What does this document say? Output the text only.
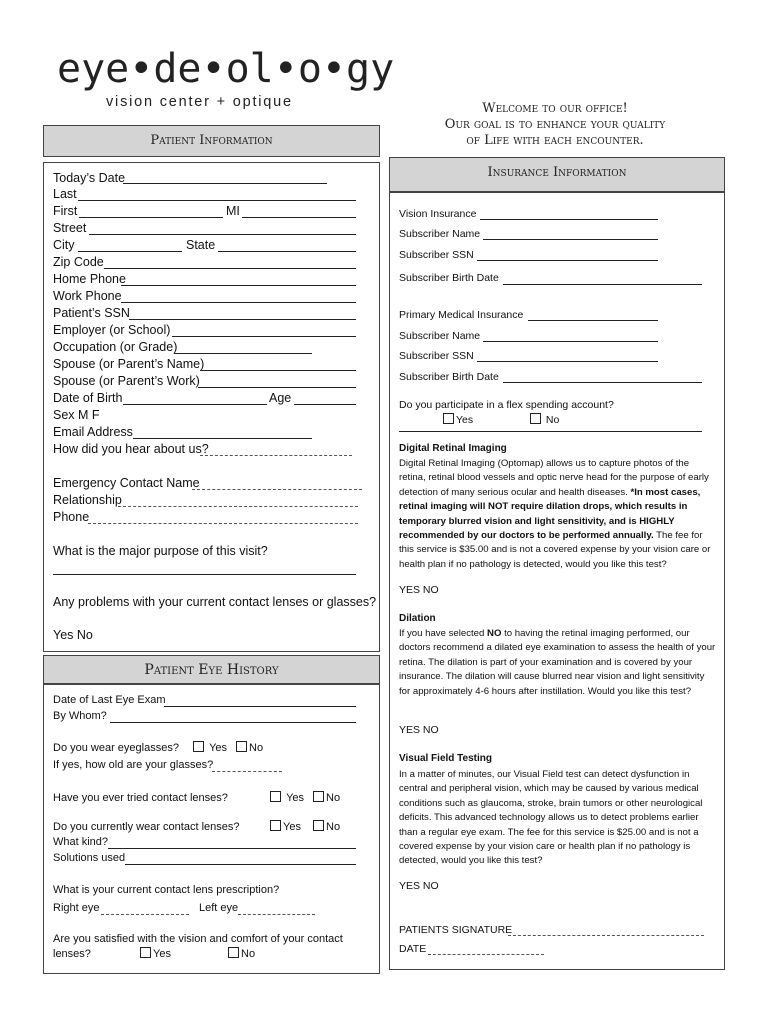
eye•de•ol•o•gy
vision center + optique	Welcome to our office!
Our goal is to enhance your quality
of Life with each encounter.
Patient Information
Today’s Date
Last
First	MI
Street
City	State
Zip Code
Home Phone
Work Phone
Patient’s SSN
Employer (or School)
Occupation (or Grade)
Spouse (or Parent’s Name)
Spouse (or Parent’s Work)
Date of Birth	Age
Sex M F
Email Address
How did you hear about us?
Emergency Contact Name
Relationship
Phone
What is the major purpose of this visit?
Any problems with your current contact lenses or glasses?
Yes No
Patient Eye History
Date of Last Eye Exam
By Whom?
Do you wear eyeglasses?	Yes	No
If yes, how old are your glasses?
Have you ever tried contact lenses?	Yes	No
Do you currently wear contact lenses?	Yes	No
What kind?
Solutions used
What is your current contact lens prescription?
Right eye	Left eye
Are you satisfied with the vision and comfort of your contact
lenses?	Yes	No
Insurance Information
Vision Insurance
Subscriber Name
Subscriber SSN
Subscriber Birth Date
Primary Medical Insurance
Subscriber Name
Subscriber SSN
Subscriber Birth Date
Do you participate in a flex spending account?
Yes	No
Digital Retinal Imaging
Digital Retinal Imaging (Optomap) allows us to capture photos of the retina, retinal blood vessels and optic nerve head for the purpose of early detection of many serious ocular and health diseases. *In most cases, retinal imaging will NOT require dilation drops, which results in temporary blurred vision and light sensitivity, and is HIGHLY recommended by our doctors to be performed annually. The fee for this service is $35.00 and is not a covered expense by your vision care or health plan if no pathology is detected, would you like this test?
YES NO
Dilation
If you have selected NO to having the retinal imaging performed, our doctors recommend a dilated eye examination to assess the health of your retina. The dilation is part of your examination and is covered by your insurance. The dilation will cause blurred near vision and light sensitivity for approximately 4-6 hours after instillation. Would you like this test?
YES NO
Visual Field Testing
In a matter of minutes, our Visual Field test can detect dysfunction in central and peripheral vision, which may be caused by various medical conditions such as glaucoma, stroke, brain tumors or other neurological deficits. This advanced technology allows us to detect problems earlier than a regular eye exam. The fee for this service is $25.00 and is not a covered expense by your vision care or health plan if no pathology is detected, would you like this test?
YES NO
PATIENTS SIGNATURE
DATE
